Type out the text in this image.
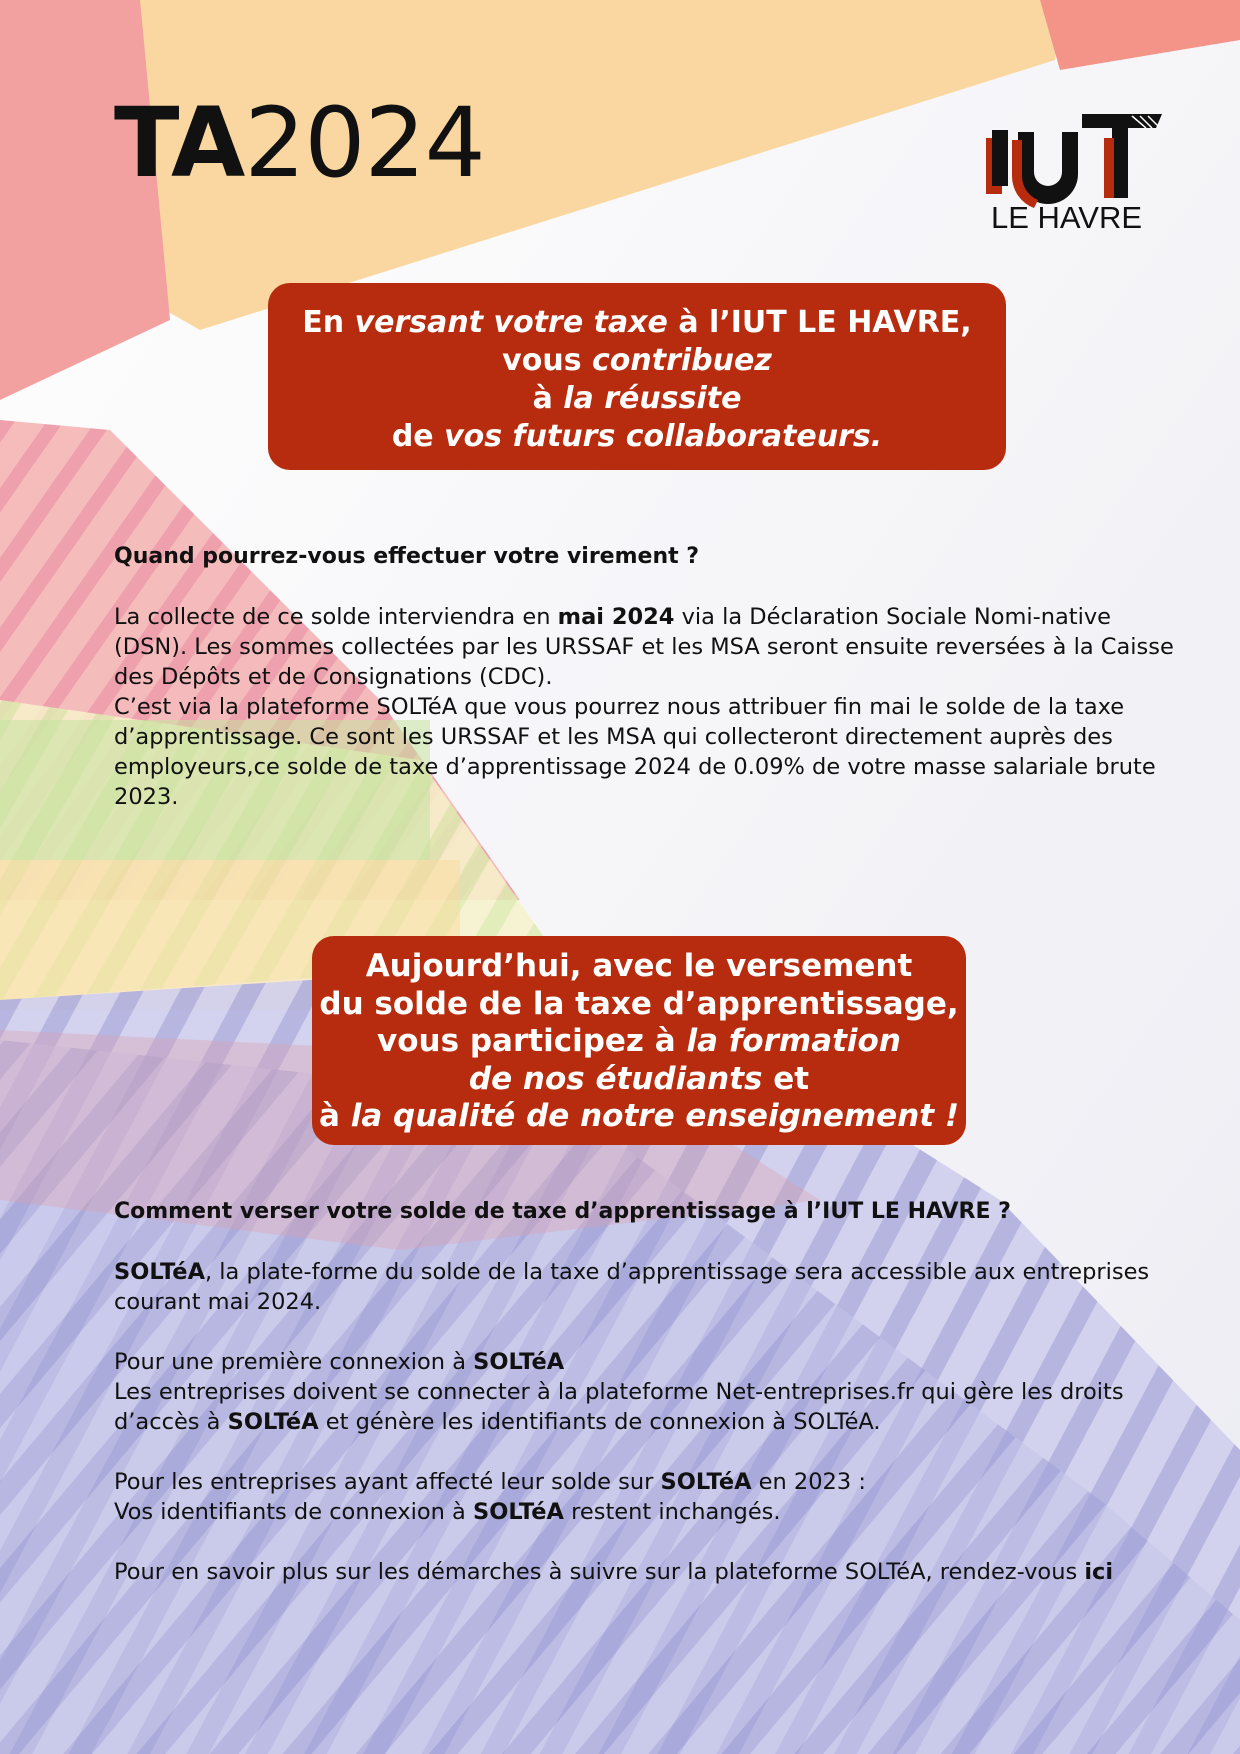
TA2024	IUT
LE HAVRE
En versant votre taxe à l’IUT LE HAVRE,
vous contribuez
à la réussite
de vos futurs collaborateurs.

Quand pourrez-vous effectuer votre virement ?

La collecte de ce solde interviendra en mai 2024 via la Déclaration Sociale Nomi-native (DSN). Les sommes collectées par les URSSAF et les MSA seront ensuite reversées à la Caisse des Dépôts et de Consignations (CDC).

C’est via la plateforme SOLTéA que vous pourrez nous attribuer fin mai le solde de la taxe d’apprentissage. Ce sont les URSSAF et les MSA qui collecteront directement auprès des employeurs,ce solde de taxe d’apprentissage 2024 de 0.09% de votre masse salariale brute 2023.

Aujourd’hui, avec le versement
du solde de la taxe d’apprentissage,
vous participez à la formation
de nos étudiants et
à la qualité de notre enseignement !

Comment verser votre solde de taxe d’apprentissage à l’IUT LE HAVRE ?

SOLTéA, la plate-forme du solde de la taxe d’apprentissage sera accessible aux entreprises courant mai 2024.

Pour une première connexion à SOLTéA

Les entreprises doivent se connecter à la plateforme Net-entreprises.fr qui gère les droits d’accès à SOLTéA et génère les identifiants de connexion à SOLTéA.

Pour les entreprises ayant affecté leur solde sur SOLTéA en 2023 :

Vos identifiants de connexion à SOLTéA restent inchangés.

Pour en savoir plus sur les démarches à suivre sur la plateforme SOLTéA, rendez-vous ici
